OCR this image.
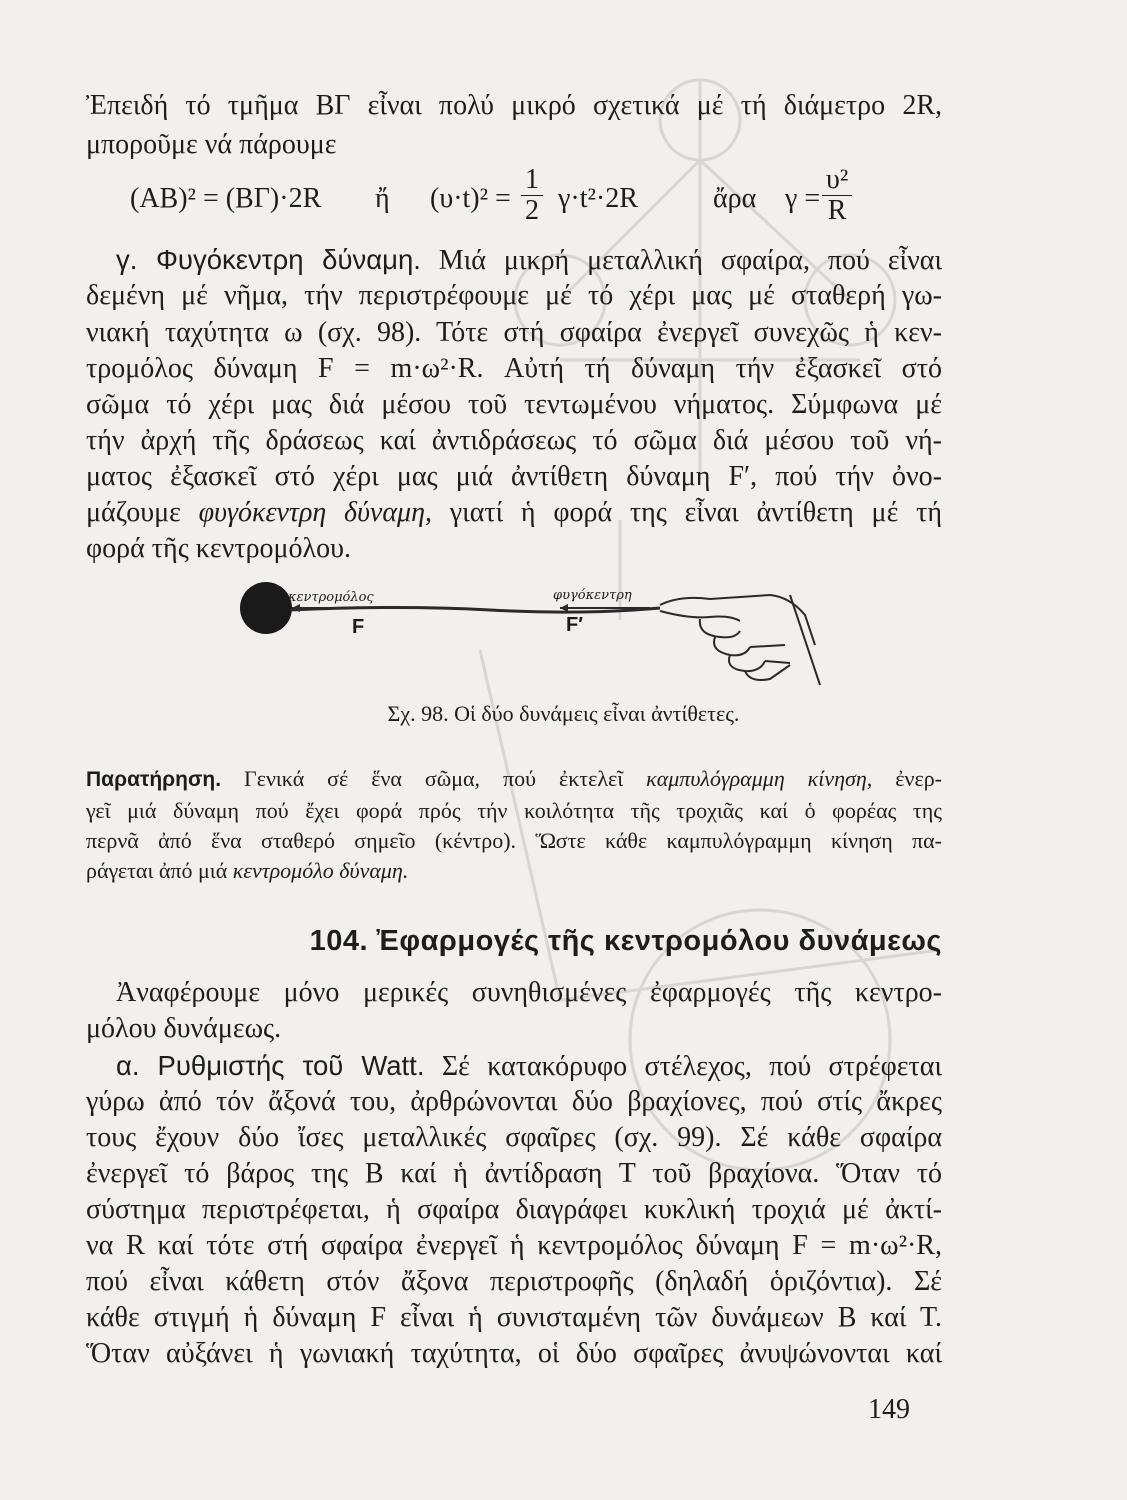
Ἐπειδή τό τμῆμα ΒΓ εἶναι πολύ μικρό σχετικά μέ τή διάμετρο 2R,
μποροῦμε νά πάρουμε
(ΑΒ)² = (ΒΓ)·2R ἤ $(\upsilon\cdot t)^2 = \frac{1}{2} \gamma\cdot t^2\cdot 2R$	ἄρα $\gamma = \frac{\text{υ²}}{R}$
γ. Φυγόκεντρη δύναμη. Μιά μικρή μεταλλική σφαίρα, πού εἶναι
δεμένη μέ νῆμα, τήν περιστρέφουμε μέ τό χέρι μας μέ σταθερή γω-
νιακή ταχύτητα ω (σχ. 98). Τότε στή σφαίρα ἐνεργεῖ συνεχῶς ἡ κεν-
τρομόλος δύναμη F = m·ω²·R. Αὐτή τή δύναμη τήν ἐξασκεῖ στό
σῶμα τό χέρι μας διά μέσου τοῦ τεντωμένου νήματος. Σύμφωνα μέ
τήν ἀρχή τῆς δράσεως καί ἀντιδράσεως τό σῶμα διά μέσου τοῦ νή-
ματος ἐξασκεῖ στό χέρι μας μιά ἀντίθετη δύναμη F′, πού τήν ὀνο-
μάζουμε φυγόκεντρη δύναμη, γιατί ἡ φορά της εἶναι ἀντίθετη μέ τή
φορά τῆς κεντρομόλου.
κεντρομόλος
F
φυγόκεντρη
F′
Σχ. 98. Οἱ δύο δυνάμεις εἶναι ἀντίθετες.
Παρατήρηση. Γενικά σέ ἕνα σῶμα, πού ἐκτελεῖ καμπυλόγραμμη κίνηση, ἐνερ-
γεῖ μιά δύναμη πού ἔχει φορά πρός τήν κοιλότητα τῆς τροχιᾶς καί ὁ φορέας της
περνᾶ ἀπό ἕνα σταθερό σημεῖο (κέντρο). Ὥστε κάθε καμπυλόγραμμη κίνηση πα-
ράγεται ἀπό μιά κεντρομόλο δύναμη.
104. Ἐφαρμογές τῆς κεντρομόλου δυνάμεως
Ἀναφέρουμε μόνο μερικές συνηθισμένες ἐφαρμογές τῆς κεντρο-
μόλου δυνάμεως.
α. Ρυθμιστής τοῦ Watt. Σέ κατακόρυφο στέλεχος, πού στρέφεται
γύρω ἀπό τόν ἄξονά του, ἀρθρώνονται δύο βραχίονες, πού στίς ἄκρες
τους ἔχουν δύο ἴσες μεταλλικές σφαῖρες (σχ. 99). Σέ κάθε σφαίρα
ἐνεργεῖ τό βάρος της Β καί ἡ ἀντίδραση Τ τοῦ βραχίονα. Ὅταν τό
σύστημα περιστρέφεται, ἡ σφαίρα διαγράφει κυκλική τροχιά μέ ἀκτί-
να R καί τότε στή σφαίρα ἐνεργεῖ ἡ κεντρομόλος δύναμη F = m·ω²·R,
πού εἶναι κάθετη στόν ἄξονα περιστροφῆς (δηλαδή ὁριζόντια). Σέ
κάθε στιγμή ἡ δύναμη F εἶναι ἡ συνισταμένη τῶν δυνάμεων Β καί Τ.
Ὅταν αὐξάνει ἡ γωνιακή ταχύτητα, οἱ δύο σφαῖρες ἀνυψώνονται καί
149
